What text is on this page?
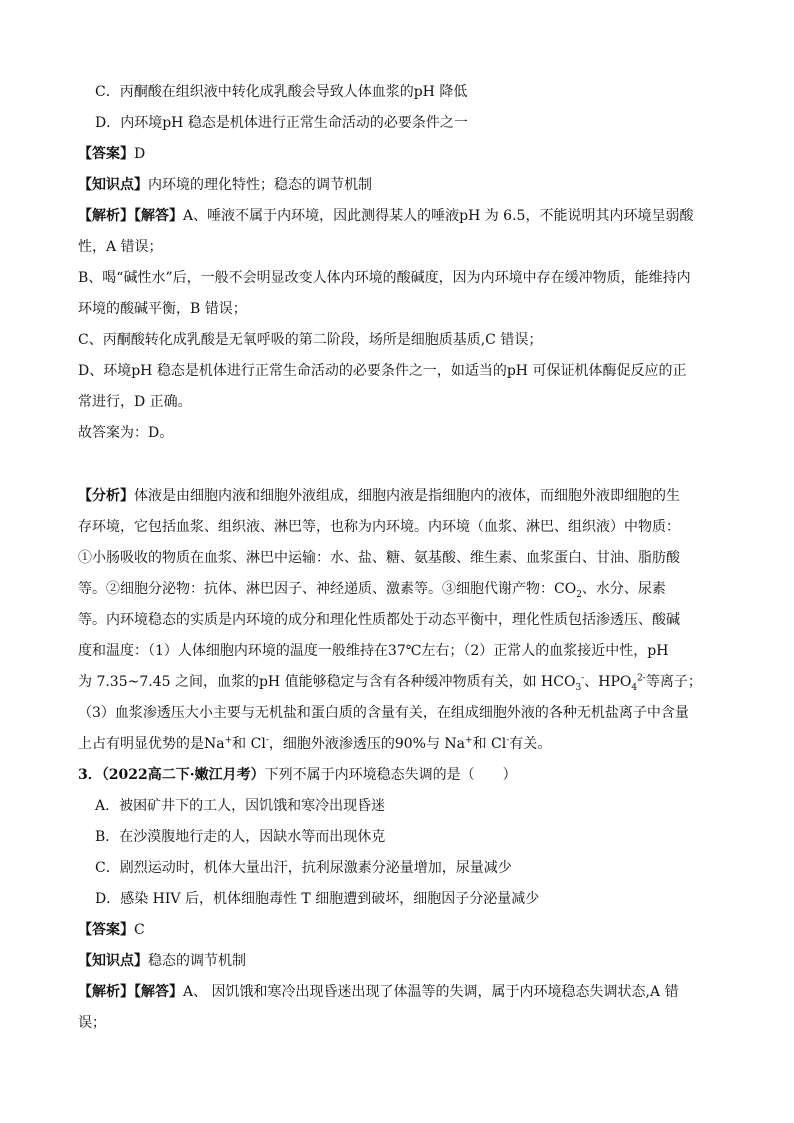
C．丙酮酸在组织液中转化成乳酸会导致人体血浆的pH 降低
D．内环境pH 稳态是机体进行正常生命活动的必要条件之一
【答案】D
【知识点】内环境的理化特性；稳态的调节机制
【解析】【解答】A、唾液不属于内环境，因此测得某人的唾液pH 为 6.5，不能说明其内环境呈弱酸
性，A 错误；
B、喝“碱性水”后，一般不会明显改变人体内环境的酸碱度，因为内环境中存在缓冲物质，能维持内
环境的酸碱平衡，B 错误；
C、丙酮酸转化成乳酸是无氧呼吸的第二阶段，场所是细胞质基质,C 错误；
D、环境pH 稳态是机体进行正常生命活动的必要条件之一，如适当的pH 可保证机体酶促反应的正
常进行，D 正确。
故答案为：D。
【分析】体液是由细胞内液和细胞外液组成，细胞内液是指细胞内的液体，而细胞外液即细胞的生
存环境，它包括血浆、组织液、淋巴等，也称为内环境。内环境（血浆、淋巴、组织液）中物质：
①小肠吸收的物质在血浆、淋巴中运输：水、盐、糖、氨基酸、维生素、血浆蛋白、甘油、脂肪酸
等。②细胞分泌物：抗体、淋巴因子、神经递质、激素等。③细胞代谢产物：$CO_2$、水分、尿素
等。内环境稳态的实质是内环境的成分和理化性质都处于动态平衡中，理化性质包括渗透压、酸碱
度和温度：（1）人体细胞内环境的温度一般维持在37℃左右；（2）正常人的血浆接近中性，pH
为 7.35~7.45 之间，血浆的pH 值能够稳定与含有各种缓冲物质有关，如 $HCO_3^-$、$HPO_4^{2-}$等离子；
（3）血浆渗透压大小主要与无机盐和蛋白质的含量有关，在组成细胞外液的各种无机盐离子中含量
上占有明显优势的是Na+和 Cl-，细胞外液渗透压的90%与 Na+和 Cl-有关。
3．（2022高二下·嫩江月考）下列不属于内环境稳态失调的是（　　）
A．被困矿井下的工人，因饥饿和寒冷出现昏迷
B．在沙漠腹地行走的人，因缺水等而出现休克
C．剧烈运动时，机体大量出汗，抗利尿激素分泌量增加，尿量减少
D．感染 HIV 后，机体细胞毒性 T 细胞遭到破坏，细胞因子分泌量减少
【答案】C
【知识点】稳态的调节机制
【解析】【解答】A、 因饥饿和寒冷出现昏迷出现了体温等的失调，属于内环境稳态失调状态,A 错
误；
